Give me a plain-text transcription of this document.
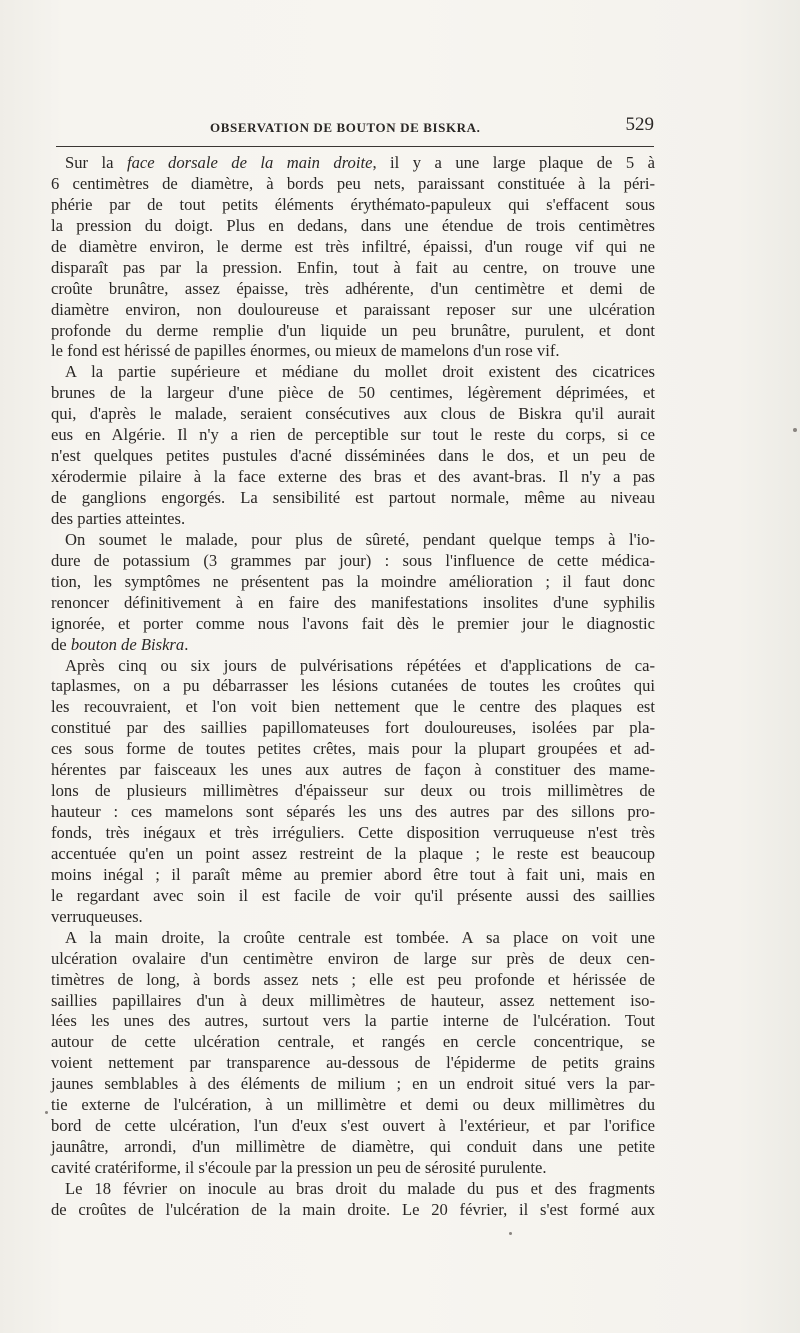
OBSERVATION DE BOUTON DE BISKRA.	529
Sur la face dorsale de la main droite, il y a une large plaque de 5 à
6 centimètres de diamètre, à bords peu nets, paraissant constituée à la péri-
phérie par de tout petits éléments érythémato-papuleux qui s'effacent sous
la pression du doigt. Plus en dedans, dans une étendue de trois centimètres
de diamètre environ, le derme est très infiltré, épaissi, d'un rouge vif qui ne
disparaît pas par la pression. Enfin, tout à fait au centre, on trouve une
croûte brunâtre, assez épaisse, très adhérente, d'un centimètre et demi de
diamètre environ, non douloureuse et paraissant reposer sur une ulcération
profonde du derme remplie d'un liquide un peu brunâtre, purulent, et dont
le fond est hérissé de papilles énormes, ou mieux de mamelons d'un rose vif.
A la partie supérieure et médiane du mollet droit existent des cicatrices
brunes de la largeur d'une pièce de 50 centimes, légèrement déprimées, et
qui, d'après le malade, seraient consécutives aux clous de Biskra qu'il aurait
eus en Algérie. Il n'y a rien de perceptible sur tout le reste du corps, si ce
n'est quelques petites pustules d'acné disséminées dans le dos, et un peu de
xérodermie pilaire à la face externe des bras et des avant-bras. Il n'y a pas
de ganglions engorgés. La sensibilité est partout normale, même au niveau
des parties atteintes.
On soumet le malade, pour plus de sûreté, pendant quelque temps à l'io-
dure de potassium (3 grammes par jour) : sous l'influence de cette médica-
tion, les symptômes ne présentent pas la moindre amélioration ; il faut donc
renoncer définitivement à en faire des manifestations insolites d'une syphilis
ignorée, et porter comme nous l'avons fait dès le premier jour le diagnostic
de bouton de Biskra.
Après cinq ou six jours de pulvérisations répétées et d'applications de ca-
taplasmes, on a pu débarrasser les lésions cutanées de toutes les croûtes qui
les recouvraient, et l'on voit bien nettement que le centre des plaques est
constitué par des saillies papillomateuses fort douloureuses, isolées par pla-
ces sous forme de toutes petites crêtes, mais pour la plupart groupées et ad-
hérentes par faisceaux les unes aux autres de façon à constituer des mame-
lons de plusieurs millimètres d'épaisseur sur deux ou trois millimètres de
hauteur : ces mamelons sont séparés les uns des autres par des sillons pro-
fonds, très inégaux et très irréguliers. Cette disposition verruqueuse n'est très
accentuée qu'en un point assez restreint de la plaque ; le reste est beaucoup
moins inégal ; il paraît même au premier abord être tout à fait uni, mais en
le regardant avec soin il est facile de voir qu'il présente aussi des saillies
verruqueuses.
A la main droite, la croûte centrale est tombée. A sa place on voit une
ulcération ovalaire d'un centimètre environ de large sur près de deux cen-
timètres de long, à bords assez nets ; elle est peu profonde et hérissée de
saillies papillaires d'un à deux millimètres de hauteur, assez nettement iso-
lées les unes des autres, surtout vers la partie interne de l'ulcération. Tout
autour de cette ulcération centrale, et rangés en cercle concentrique, se
voient nettement par transparence au-dessous de l'épiderme de petits grains
jaunes semblables à des éléments de milium ; en un endroit situé vers la par-
tie externe de l'ulcération, à un millimètre et demi ou deux millimètres du
bord de cette ulcération, l'un d'eux s'est ouvert à l'extérieur, et par l'orifice
jaunâtre, arrondi, d'un millimètre de diamètre, qui conduit dans une petite
cavité cratériforme, il s'écoule par la pression un peu de sérosité purulente.
Le 18 février on inocule au bras droit du malade du pus et des fragments
de croûtes de l'ulcération de la main droite. Le 20 février, il s'est formé aux
